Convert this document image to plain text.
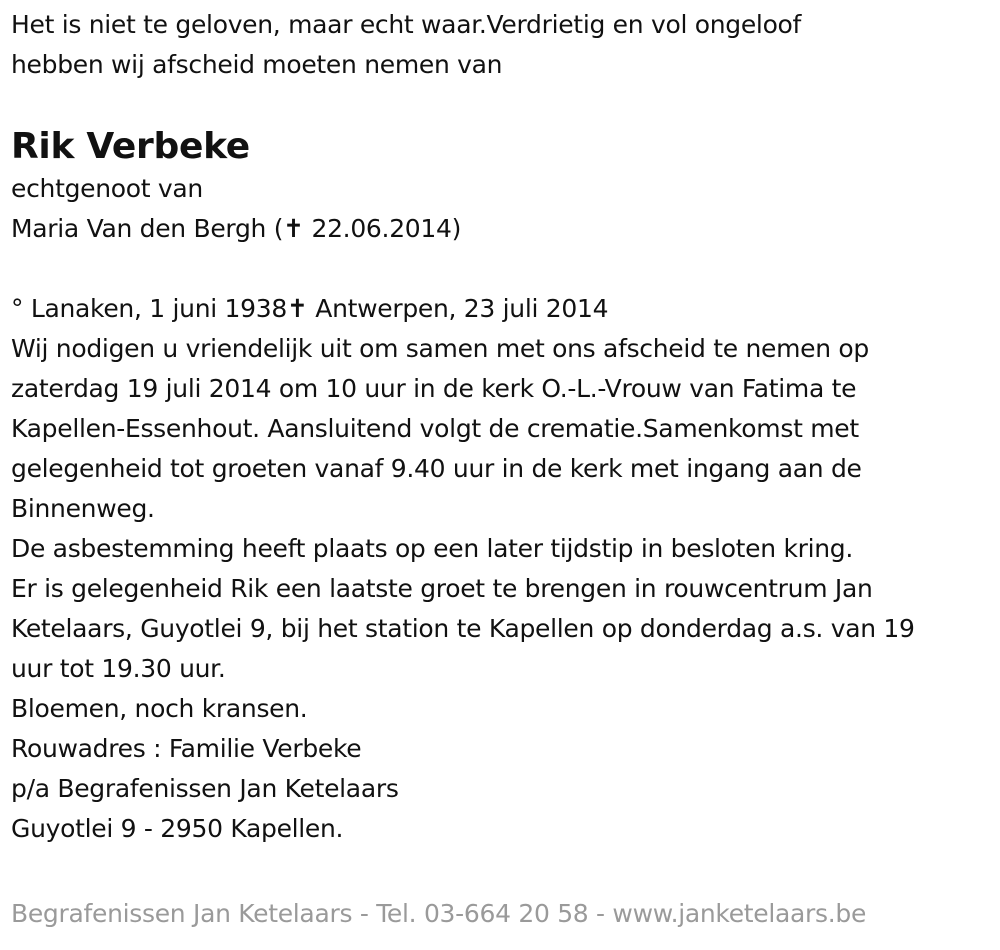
Het is niet te geloven, maar echt waar.Verdrietig en vol ongeloof
hebben wij afscheid moeten nemen van
Rik Verbeke
echtgenoot van
Maria Van den Bergh (✝ 22.06.2014)
° Lanaken, 1 juni 1938✝ Antwerpen, 23 juli 2014
Wij nodigen u vriendelijk uit om samen met ons afscheid te nemen op
zaterdag 19 juli 2014 om 10 uur in de kerk O.-L.-Vrouw van Fatima te
Kapellen-Essenhout. Aansluitend volgt de crematie.Samenkomst met
gelegenheid tot groeten vanaf 9.40 uur in de kerk met ingang aan de
Binnenweg.
De asbestemming heeft plaats op een later tijdstip in besloten kring.
Er is gelegenheid Rik een laatste groet te brengen in rouwcentrum Jan
Ketelaars, Guyotlei 9, bij het station te Kapellen op donderdag a.s. van 19
uur tot 19.30 uur.
Bloemen, noch kransen.
Rouwadres : Familie Verbeke
p/a Begrafenissen Jan Ketelaars
Guyotlei 9 - 2950 Kapellen.
Begrafenissen Jan Ketelaars - Tel. 03-664 20 58 - www.janketelaars.be
